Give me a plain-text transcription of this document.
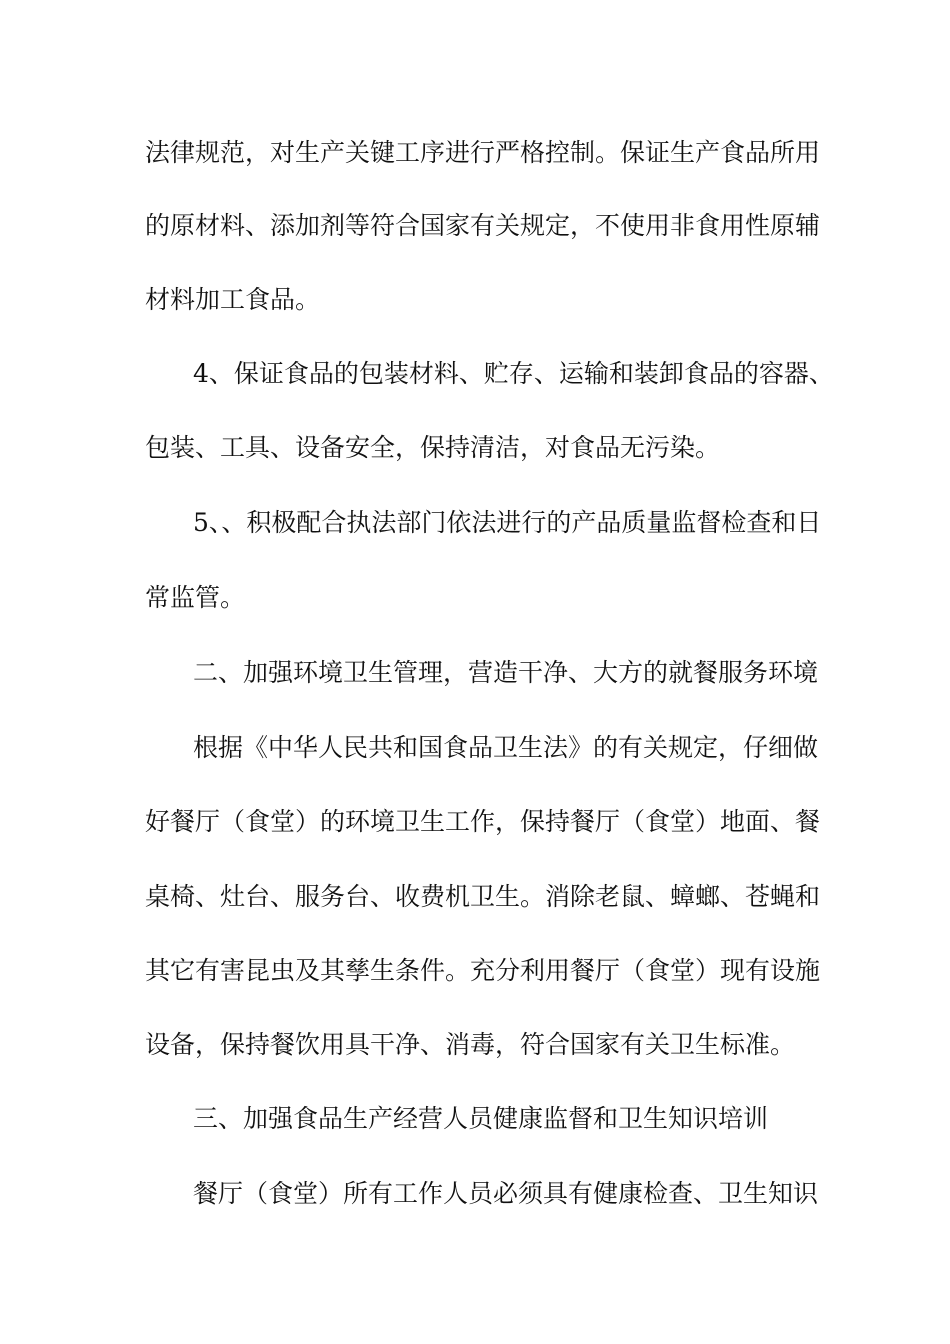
法律规范，对生产关键工序进行严格控制。保证生产食品所用
的原材料、添加剂等符合国家有关规定，不使用非食用性原辅
材料加工食品。
4、保证食品的包装材料、贮存、运输和装卸食品的容器、
包装、工具、设备安全，保持清洁，对食品无污染。
5、、积极配合执法部门依法进行的产品质量监督检查和日
常监管。
二、加强环境卫生管理，营造干净、大方的就餐服务环境
根据《中华人民共和国食品卫生法》的有关规定，仔细做
好餐厅（食堂）的环境卫生工作，保持餐厅（食堂）地面、餐
桌椅、灶台、服务台、收费机卫生。消除老鼠、蟑螂、苍蝇和
其它有害昆虫及其孳生条件。充分利用餐厅（食堂）现有设施
设备，保持餐饮用具干净、消毒，符合国家有关卫生标准。
三、加强食品生产经营人员健康监督和卫生知识培训
餐厅（食堂）所有工作人员必须具有健康检查、卫生知识
